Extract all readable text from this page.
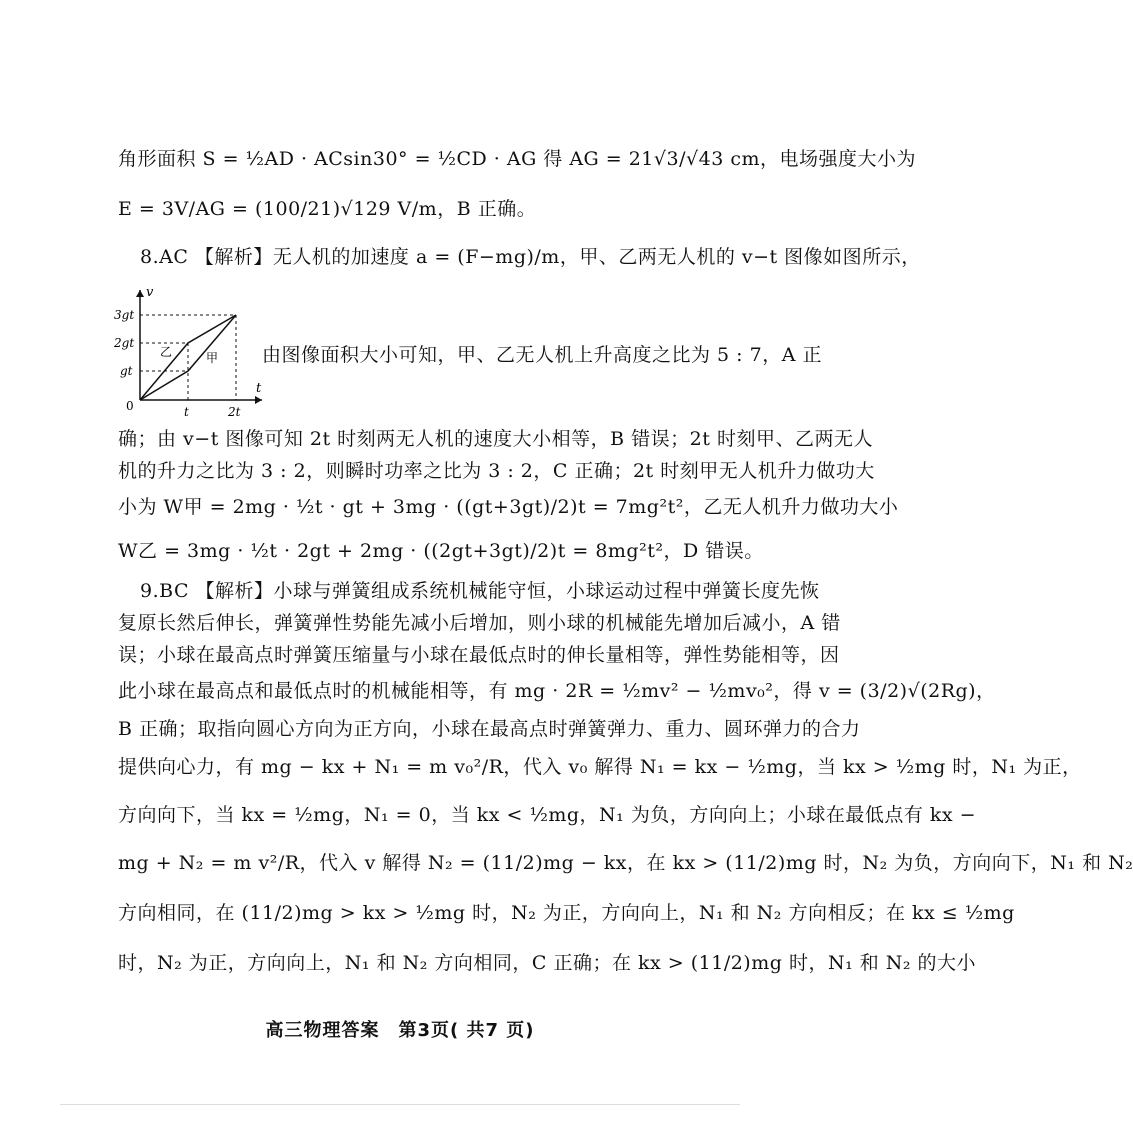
角形面积 S = ½AD · ACsin30° = ½CD · AG 得 AG = 21√3/√43 cm，电场强度大小为
E = 3V/AG = (100/21)√129 V/m，B 正确。
8.AC 【解析】无人机的加速度 a = (F−mg)/m，甲、乙两无人机的 v−t 图像如图所示，
v
t
0
3gt
2gt
gt
t	2t
乙	甲 由图像面积大小可知，甲、乙无人机上升高度之比为 5 : 7，A 正
确；由 v−t 图像可知 2t 时刻两无人机的速度大小相等，B 错误；2t 时刻甲、乙两无人
机的升力之比为 3 : 2，则瞬时功率之比为 3 : 2，C 正确；2t 时刻甲无人机升力做功大
小为 W甲 = 2mg · ½t · gt + 3mg · ((gt+3gt)/2)t = 7mg²t²，乙无人机升力做功大小
W乙 = 3mg · ½t · 2gt + 2mg · ((2gt+3gt)/2)t = 8mg²t²，D 错误。
9.BC 【解析】小球与弹簧组成系统机械能守恒，小球运动过程中弹簧长度先恢
复原长然后伸长，弹簧弹性势能先减小后增加，则小球的机械能先增加后减小，A 错
误；小球在最高点时弹簧压缩量与小球在最低点时的伸长量相等，弹性势能相等，因
此小球在最高点和最低点时的机械能相等，有 mg · 2R = ½mv² − ½mv₀²，得 v = (3/2)√(2Rg)，
B 正确；取指向圆心方向为正方向，小球在最高点时弹簧弹力、重力、圆环弹力的合力
提供向心力，有 mg − kx + N₁ = m v₀²/R，代入 v₀ 解得 N₁ = kx − ½mg，当 kx > ½mg 时，N₁ 为正，
方向向下，当 kx = ½mg，N₁ = 0，当 kx < ½mg，N₁ 为负，方向向上；小球在最低点有 kx −
mg + N₂ = m v²/R，代入 v 解得 N₂ = (11/2)mg − kx，在 kx > (11/2)mg 时，N₂ 为负，方向向下，N₁ 和 N₂
方向相同，在 (11/2)mg > kx > ½mg 时，N₂ 为正，方向向上，N₁ 和 N₂ 方向相反；在 kx ≤ ½mg
时，N₂ 为正，方向向上，N₁ 和 N₂ 方向相同，C 正确；在 kx > (11/2)mg 时，N₁ 和 N₂ 的大小
高三物理答案　第3页( 共7 页)
